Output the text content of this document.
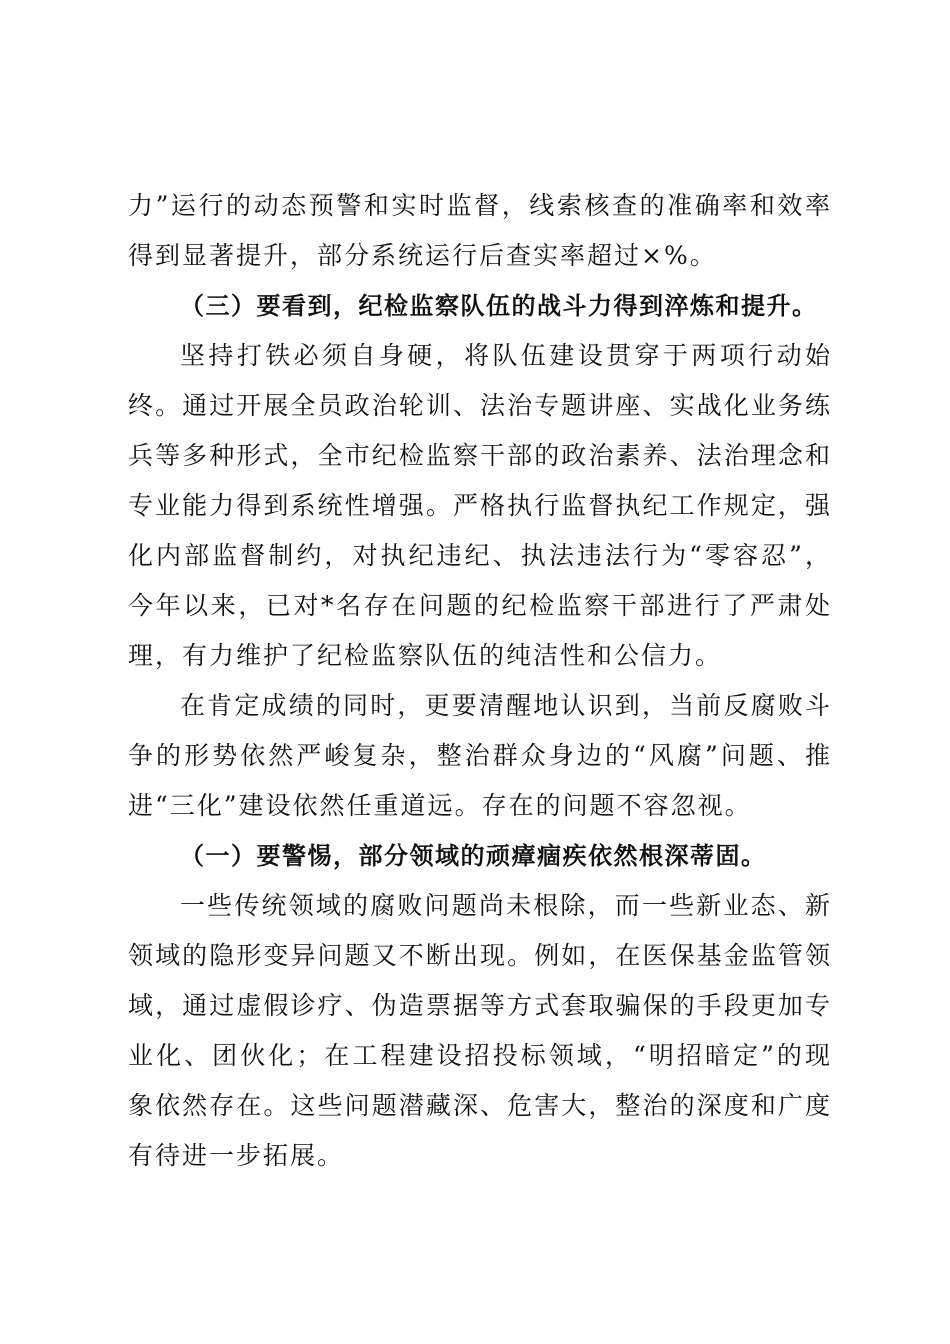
力”运行的动态预警和实时监督，线索核查的准确率和效率得到显著提升，部分系统运行后查实率超过×%。

（三）要看到，纪检监察队伍的战斗力得到淬炼和提升。

坚持打铁必须自身硬，将队伍建设贯穿于两项行动始终。通过开展全员政治轮训、法治专题讲座、实战化业务练兵等多种形式，全市纪检监察干部的政治素养、法治理念和专业能力得到系统性增强。严格执行监督执纪工作规定，强化内部监督制约，对执纪违纪、执法违法行为“零容忍”，今年以来，已对*名存在问题的纪检监察干部进行了严肃处理，有力维护了纪检监察队伍的纯洁性和公信力。

在肯定成绩的同时，更要清醒地认识到，当前反腐败斗争的形势依然严峻复杂，整治群众身边的“风腐”问题、推进“三化”建设依然任重道远。存在的问题不容忽视。

（一）要警惕，部分领域的顽瘴痼疾依然根深蒂固。

一些传统领域的腐败问题尚未根除，而一些新业态、新领域的隐形变异问题又不断出现。例如，在医保基金监管领域，通过虚假诊疗、伪造票据等方式套取骗保的手段更加专业化、团伙化；在工程建设招投标领域，“明招暗定”的现象依然存在。这些问题潜藏深、危害大，整治的深度和广度有待进一步拓展。
